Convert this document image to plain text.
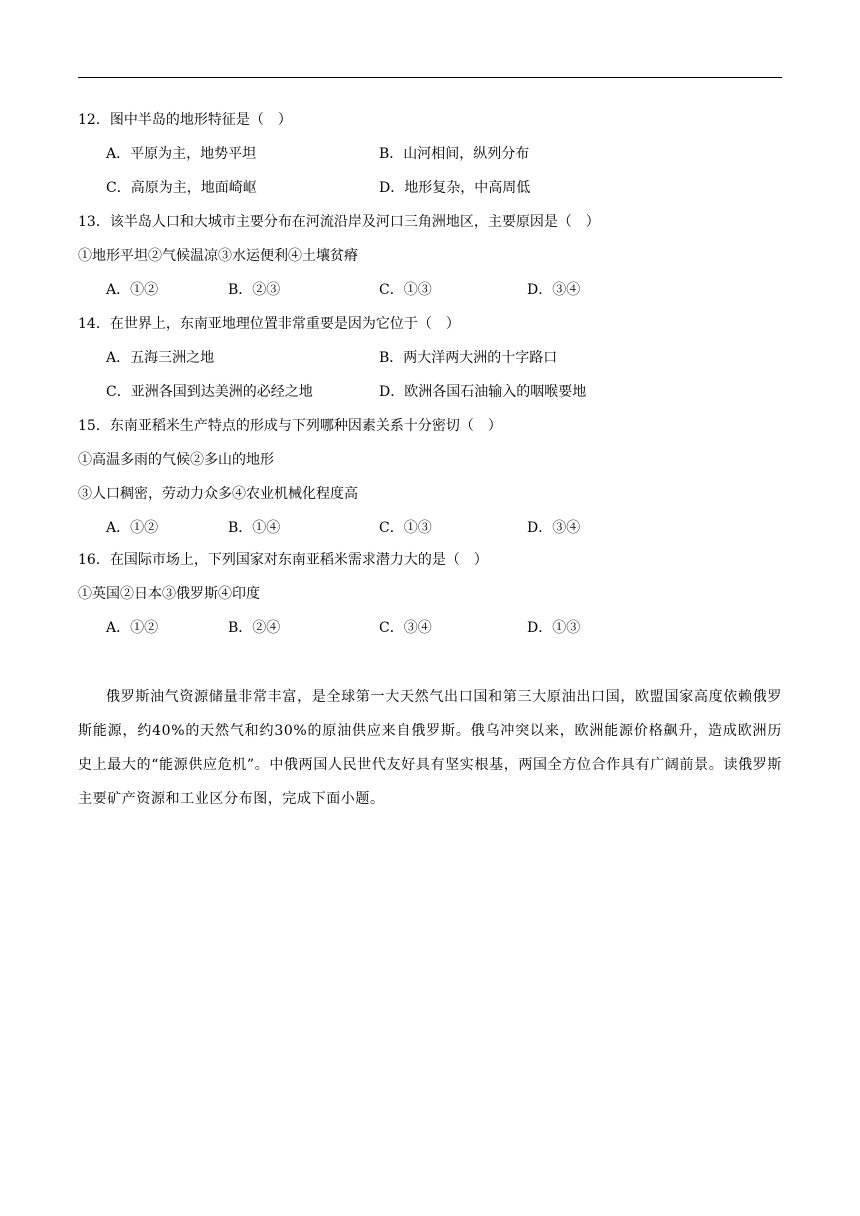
12．图中半岛的地形特征是（　）
A．平原为主，地势平坦	B．山河相间，纵列分布
C．高原为主，地面崎岖	D．地形复杂，中高周低
13．该半岛人口和大城市主要分布在河流沿岸及河口三角洲地区，主要原因是（　）
①地形平坦②气候温凉③水运便利④土壤贫瘠
A．①②	B．②③	C．①③	D．③④
14．在世界上，东南亚地理位置非常重要是因为它位于（　）
A．五海三洲之地	B．两大洋两大洲的十字路口
C．亚洲各国到达美洲的必经之地	D．欧洲各国石油输入的咽喉要地
15．东南亚稻米生产特点的形成与下列哪种因素关系十分密切（　）
①高温多雨的气候②多山的地形
③人口稠密，劳动力众多④农业机械化程度高
A．①②	B．①④	C．①③	D．③④
16．在国际市场上，下列国家对东南亚稻米需求潜力大的是（　）
①英国②日本③俄罗斯④印度
A．①②	B．②④	C．③④	D．①③
俄罗斯油气资源储量非常丰富，是全球第一大天然气出口国和第三大原油出口国，欧盟国家高度依赖俄罗斯能源，约40%的天然气和约30%的原油供应来自俄罗斯。俄乌冲突以来，欧洲能源价格飙升，造成欧洲历史上最大的“能源供应危机”。中俄两国人民世代友好具有坚实根基，两国全方位合作具有广阔前景。读俄罗斯主要矿产资源和工业区分布图，完成下面小题。
